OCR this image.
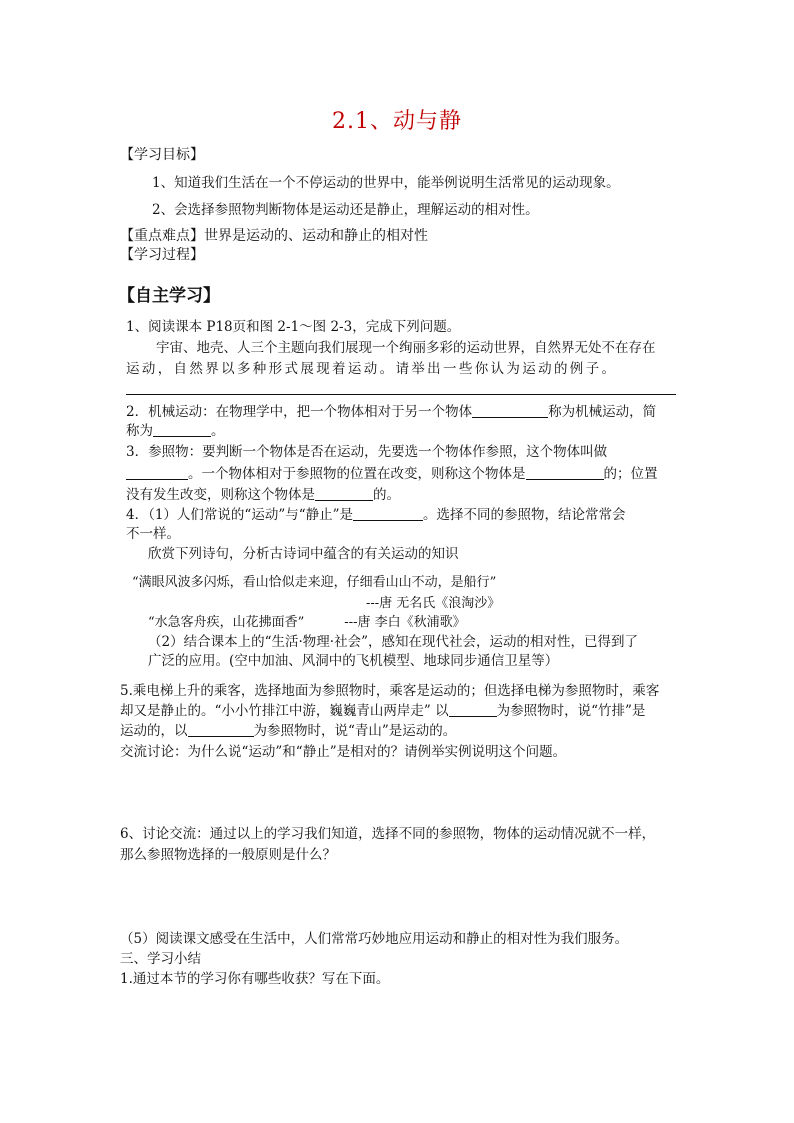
2.1、动与静
【学习目标】
1、知道我们生活在一个不停运动的世界中，能举例说明生活常见的运动现象。
2、会选择参照物判断物体是运动还是静止，理解运动的相对性。
【重点难点】世界是运动的、运动和静止的相对性
【学习过程】
【自主学习】
1、阅读课本 P18页和图 2-1～图 2-3，完成下列问题。
宇宙、地壳、人三个主题向我们展现一个绚丽多彩的运动世界，自然界无处不在存在
运动，自然界以多种形式展现着运动。请举出一些你认为运动的例子。
2．机械运动：在物理学中，把一个物体相对于另一个物体	称为机械运动，简
称为	。
3．参照物：要判断一个物体是否在运动，先要选一个物体作参照，这个物体叫做
。一个物体相对于参照物的位置在改变，则称这个物体是	的；位置
没有发生改变，则称这个物体是	的。
4．（1）人们常说的“运动”与“静止”是	。选择不同的参照物，结论常常会
不一样。
欣赏下列诗句，分析古诗词中蕴含的有关运动的知识
“满眼风波多闪烁，看山恰似走来迎，仔细看山山不动，是船行”
---唐 无名氏《浪淘沙》
“水急客舟疾，山花拂面香”	---唐 李白《秋浦歌》
（2）结合课本上的“生活·物理·社会”，感知在现代社会，运动的相对性，已得到了
广泛的应用。(空中加油、风洞中的飞机模型、地球同步通信卫星等）
5.乘电梯上升的乘客，选择地面为参照物时，乘客是运动的；但选择电梯为参照物时，乘客
却又是静止的。“小小竹排江中游，巍巍青山两岸走” 以	为参照物时，说“竹排”是
运动的，以	为参照物时，说“青山”是运动的。
交流讨论：为什么说“运动”和“静止”是相对的？请例举实例说明这个问题。
6、讨论交流：通过以上的学习我们知道，选择不同的参照物，物体的运动情况就不一样，
那么参照物选择的一般原则是什么？
（5）阅读课文感受在生活中，人们常常巧妙地应用运动和静止的相对性为我们服务。
三、学习小结
1.通过本节的学习你有哪些收获？写在下面。
